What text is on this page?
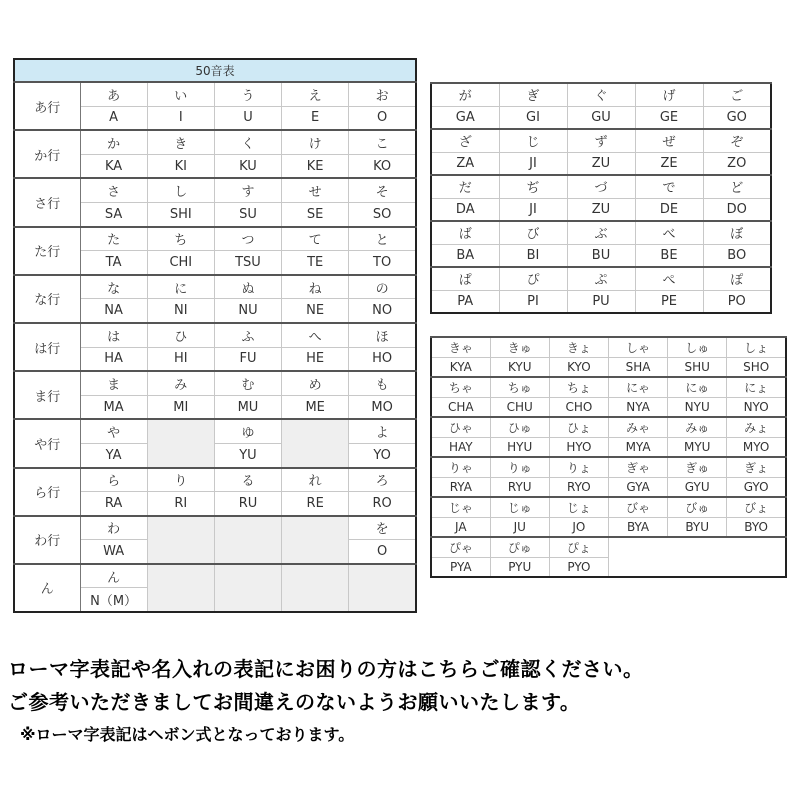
50音表					
あ行	あ	い	う	え	お
	A	I	U	E	O
か行	か	き	く	け	こ
	KA	KI	KU	KE	KO
さ行	さ	し	す	せ	そ
	SA	SHI	SU	SE	SO
た行	た	ち	つ	て	と
	TA	CHI	TSU	TE	TO
な行	な	に	ぬ	ね	の
	NA	NI	NU	NE	NO
は行	は	ひ	ふ	へ	ほ
	HA	HI	FU	HE	HO
ま行	ま	み	む	め	も
	MA	MI	MU	ME	MO
や行	や		ゆ		よ
	YA		YU		YO
ら行	ら	り	る	れ	ろ
	RA	RI	RU	RE	RO
わ行	わ				を
	WA				O
ん	ん				
	N（M）				
が	ぎ	ぐ	げ	ご
GA	GI	GU	GE	GO
ざ	じ	ず	ぜ	ぞ
ZA	JI	ZU	ZE	ZO
だ	ぢ	づ	で	ど
DA	JI	ZU	DE	DO
ば	び	ぶ	べ	ぼ
BA	BI	BU	BE	BO
ぱ	ぴ	ぷ	ぺ	ぽ
PA	PI	PU	PE	PO
きゃ	きゅ	きょ	しゃ	しゅ	しょ
KYA	KYU	KYO	SHA	SHU	SHO
ちゃ	ちゅ	ちょ	にゃ	にゅ	にょ
CHA	CHU	CHO	NYA	NYU	NYO
ひゃ	ひゅ	ひょ	みゃ	みゅ	みょ
HAY	HYU	HYO	MYA	MYU	MYO
りゃ	りゅ	りょ	ぎゃ	ぎゅ	ぎょ
RYA	RYU	RYO	GYA	GYU	GYO
じゃ	じゅ	じょ	びゃ	びゅ	びょ
JA	JU	JO	BYA	BYU	BYO
ぴゃ	ぴゅ	ぴょ			
PYA	PYU	PYO			
ローマ字表記や名入れの表記にお困りの方はこちらご確認ください。
ご参考いただきましてお間違えのないようお願いいたします。
※ローマ字表記はヘボン式となっております。
